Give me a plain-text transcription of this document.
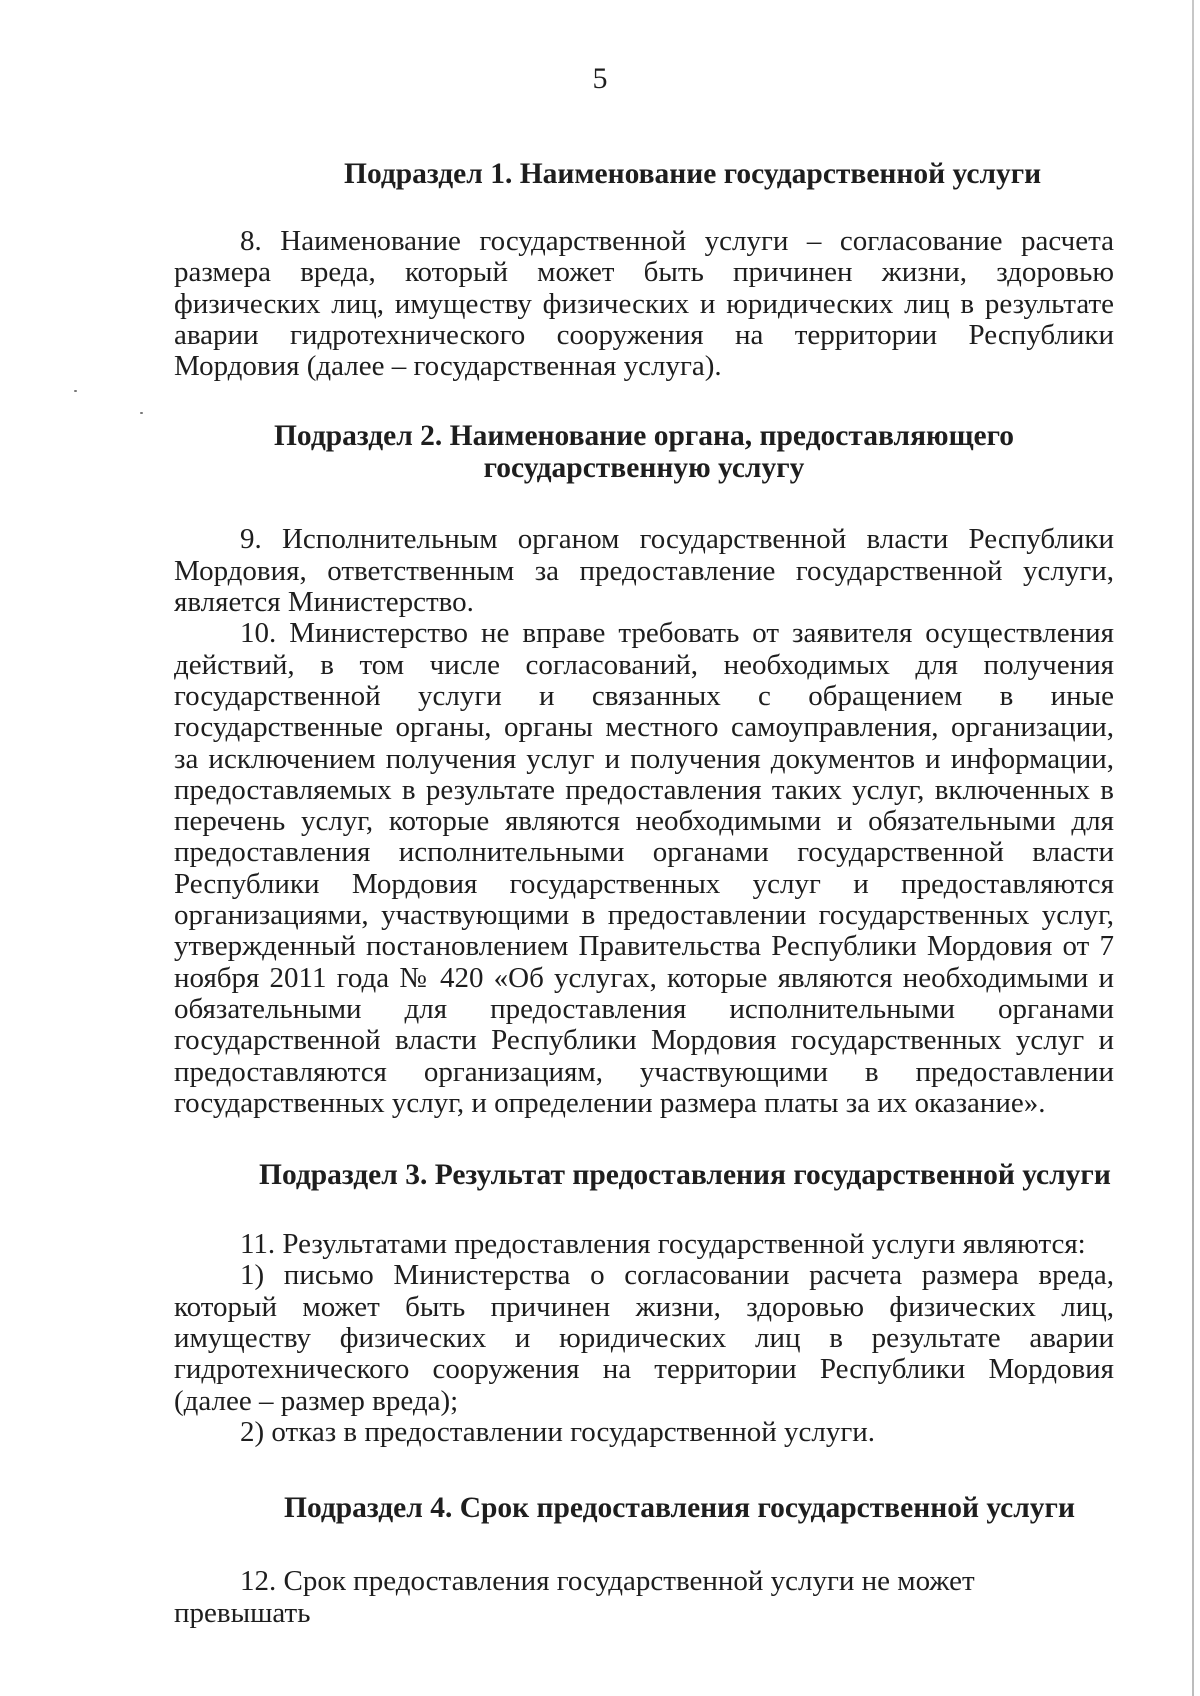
5

Подраздел 1. Наименование государственной услуги

8. Наименование государственной услуги – согласование расчета размера вреда, который может быть причинен жизни, здоровью физических лиц, имуществу физических и юридических лиц в результате аварии гидротехнического сооружения на территории Республики Мордовия (далее – государственная услуга).

Подраздел 2. Наименование органа, предоставляющего государственную услугу

9. Исполнительным органом государственной власти Республики Мордовия, ответственным за предоставление государственной услуги, является Министерство.

10. Министерство не вправе требовать от заявителя осуществления действий, в том числе согласований, необходимых для получения государственной услуги и связанных с обращением в иные государственные органы, органы местного самоуправления, организации, за исключением получения услуг и получения документов и информации, предоставляемых в результате предоставления таких услуг, включенных в перечень услуг, которые являются необходимыми и обязательными для предоставления исполнительными органами государственной власти Республики Мордовия государственных услуг и предоставляются организациями, участвующими в предоставлении государственных услуг, утвержденный постановлением Правительства Республики Мордовия от 7 ноября 2011 года № 420 «Об услугах, которые являются необходимыми и обязательными для предоставления исполнительными органами государственной власти Республики Мордовия государственных услуг и предоставляются организациям, участвующими в предоставлении государственных услуг, и определении размера платы за их оказание».

Подраздел 3. Результат предоставления государственной услуги

11. Результатами предоставления государственной услуги являются:

1) письмо Министерства о согласовании расчета размера вреда, который может быть причинен жизни, здоровью физических лиц, имуществу физических и юридических лиц в результате аварии гидротехнического сооружения на территории Республики Мордовия (далее – размер вреда);

2) отказ в предоставлении государственной услуги.

Подраздел 4. Срок предоставления государственной услуги

12. Срок предоставления государственной услуги не может превышать
